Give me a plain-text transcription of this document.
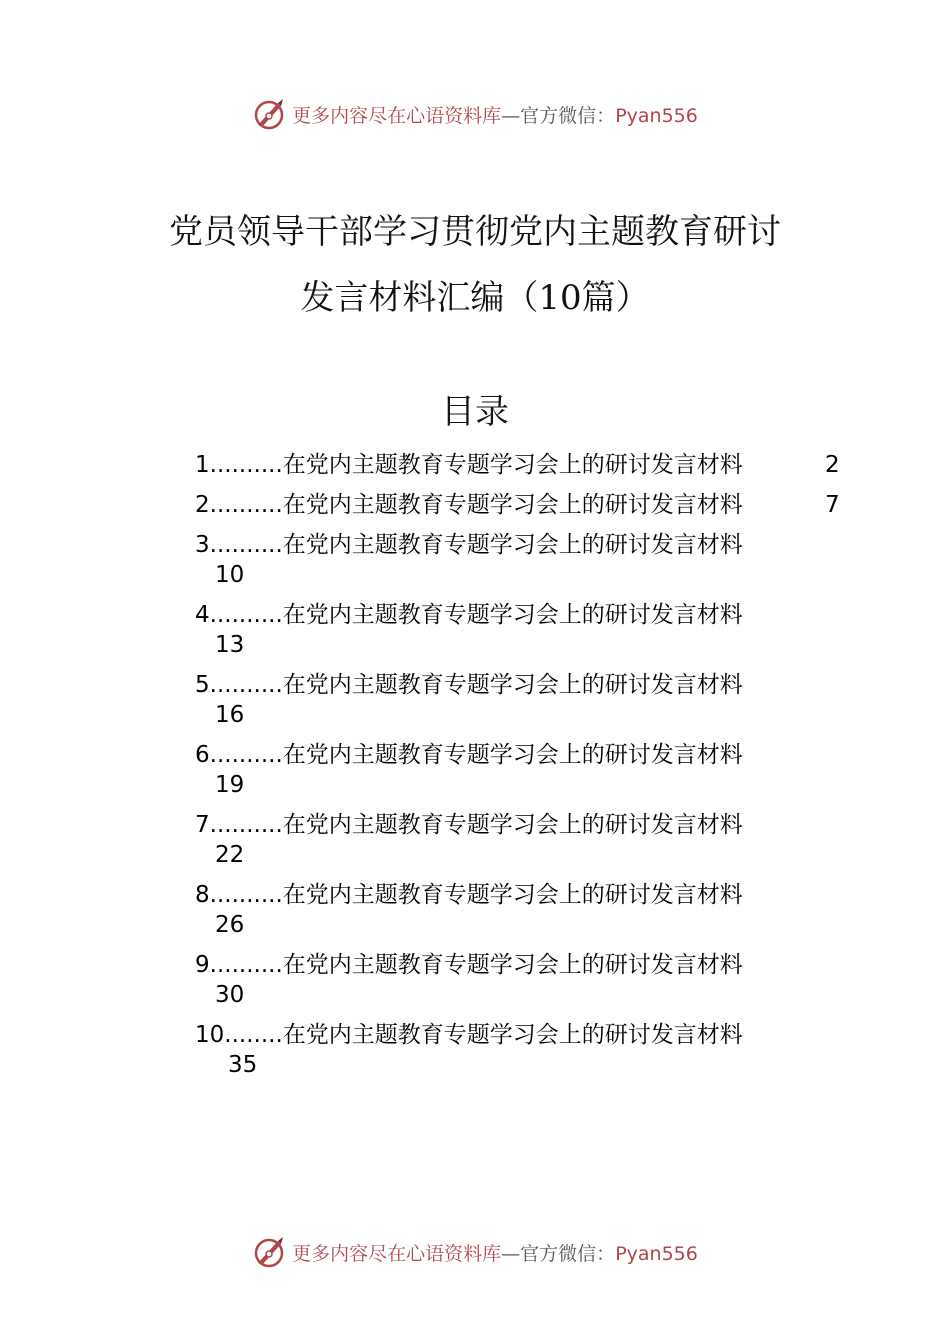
更多内容尽在心语资料库—官方微信：Pyan556
党员领导干部学习贯彻党内主题教育研讨
发言材料汇编（10篇）
目录
1..........在党内主题教育专题学习会上的研讨发言材料	2
2..........在党内主题教育专题学习会上的研讨发言材料	7
3..........在党内主题教育专题学习会上的研讨发言材料
10
4..........在党内主题教育专题学习会上的研讨发言材料
13
5..........在党内主题教育专题学习会上的研讨发言材料
16
6..........在党内主题教育专题学习会上的研讨发言材料
19
7..........在党内主题教育专题学习会上的研讨发言材料
22
8..........在党内主题教育专题学习会上的研讨发言材料
26
9..........在党内主题教育专题学习会上的研讨发言材料
30
10........在党内主题教育专题学习会上的研讨发言材料
35
更多内容尽在心语资料库—官方微信：Pyan556
